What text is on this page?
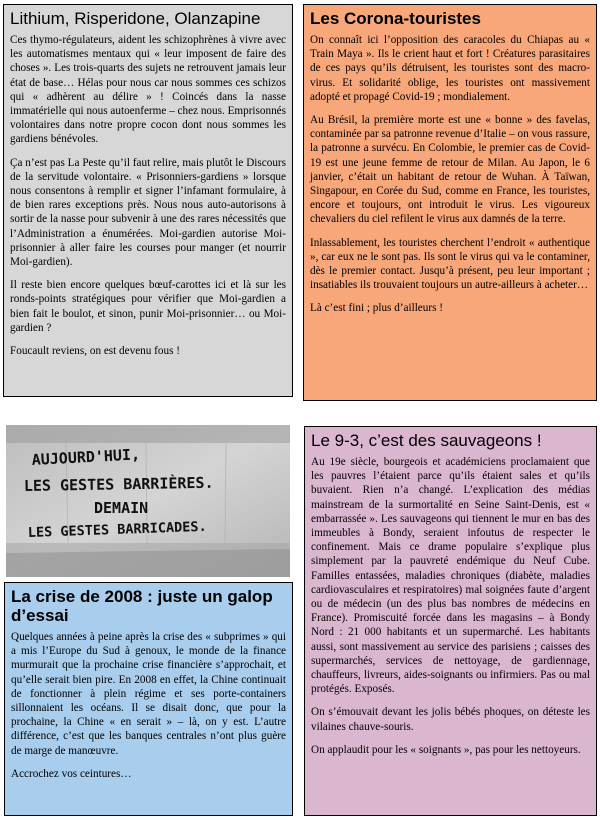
Lithium, Risperidone, Olanzapine

Ces thymo-régulateurs, aident les schizophrènes à vivre avec les automatismes mentaux qui « leur imposent de faire des choses ». Les trois-quarts des sujets ne retrouvent jamais leur état de base… Hélas pour nous car nous sommes ces schizos qui « adhèrent au délire » ! Coincés dans la nasse immatérielle qui nous autoenferme – chez nous. Emprisonnés volontaires dans notre propre cocon dont nous sommes les gardiens bénévoles.

Ça n’est pas La Peste qu’il faut relire, mais plutôt le Discours de la servitude volontaire. « Prisonniers-gardiens » lorsque nous consentons à remplir et signer l’infamant formulaire, à de bien rares exceptions près. Nous nous auto-autorisons à sortir de la nasse pour subvenir à une des rares nécessités que l’Administration a énumérées. Moi-gardien autorise Moi-prisonnier à aller faire les courses pour manger (et nourrir Moi-gardien).

Il reste bien encore quelques bœuf-carottes ici et là sur les ronds-points stratégiques pour vérifier que Moi-gardien a bien fait le boulot, et sinon, punir Moi-prisonnier… ou Moi-gardien ?

Foucault reviens, on est devenu fous !

Les Corona-touristes

On connaît ici l’opposition des caracoles du Chiapas au « Train Maya ». Ils le crient haut et fort ! Créatures parasitaires de ces pays qu’ils détruisent, les touristes sont des macro-virus. Et solidarité oblige, les touristes ont massivement adopté et propagé Covid-19 ; mondialement.

Au Brésil, la première morte est une « bonne » des favelas, contaminée par sa patronne revenue d’Italie – on vous rassure, la patronne a survécu. En Colombie, le premier cas de Covid-19 est une jeune femme de retour de Milan. Au Japon, le 6 janvier, c’était un habitant de retour de Wuhan. À Taïwan, Singapour, en Corée du Sud, comme en France, les touristes, encore et toujours, ont introduit le virus. Les vigoureux chevaliers du ciel refilent le virus aux damnés de la terre.

Inlassablement, les touristes cherchent l’endroit « authentique », car eux ne le sont pas. Ils sont le virus qui va le contaminer, dès le premier contact. Jusqu’à présent, peu leur important ; insatiables ils trouvaient toujours un autre-ailleurs à acheter…

Là c’est fini ; plus d’ailleurs !

AUJOURD'HUI,
LES GESTES BARRIÈRES.
DEMAIN
LES GESTES BARRICADES.
La crise de 2008 : juste un galop d’essai

Quelques années à peine après la crise des « subprimes » qui a mis l’Europe du Sud à genoux, le monde de la finance murmurait que la prochaine crise financière s’approchait, et qu’elle serait bien pire. En 2008 en effet, la Chine continuait de fonctionner à plein régime et ses porte-containers sillonnaient les océans. Il se disait donc, que pour la prochaine, la Chine « en serait » – là, on y est. L’autre différence, c’est que les banques centrales n’ont plus guère de marge de manœuvre.

Accrochez vos ceintures…

Le 9-3, c’est des sauvageons !

Au 19e siècle, bourgeois et académiciens proclamaient que les pauvres l’étaient parce qu’ils étaient sales et qu’ils buvaient. Rien n’a changé. L’explication des médias mainstream de la surmortalité en Seine Saint-Denis, est « embarrassée ». Les sauvageons qui tiennent le mur en bas des immeubles à Bondy, seraient infoutus de respecter le confinement. Mais ce drame populaire s’explique plus simplement par la pauvreté endémique du Neuf Cube. Familles entassées, maladies chroniques (diabète, maladies cardiovasculaires et respiratoires) mal soignées faute d’argent ou de médecin (un des plus bas nombres de médecins en France). Promiscuité forcée dans les magasins – à Bondy Nord : 21 000 habitants et un supermarché. Les habitants aussi, sont massivement au service des parisiens ; caisses des supermarchés, services de nettoyage, de gardiennage, chauffeurs, livreurs, aides-soignants ou infirmiers. Pas ou mal protégés. Exposés.

On s’émouvait devant les jolis bébés phoques, on déteste les vilaines chauve-souris.

On applaudit pour les « soignants », pas pour les nettoyeurs.
